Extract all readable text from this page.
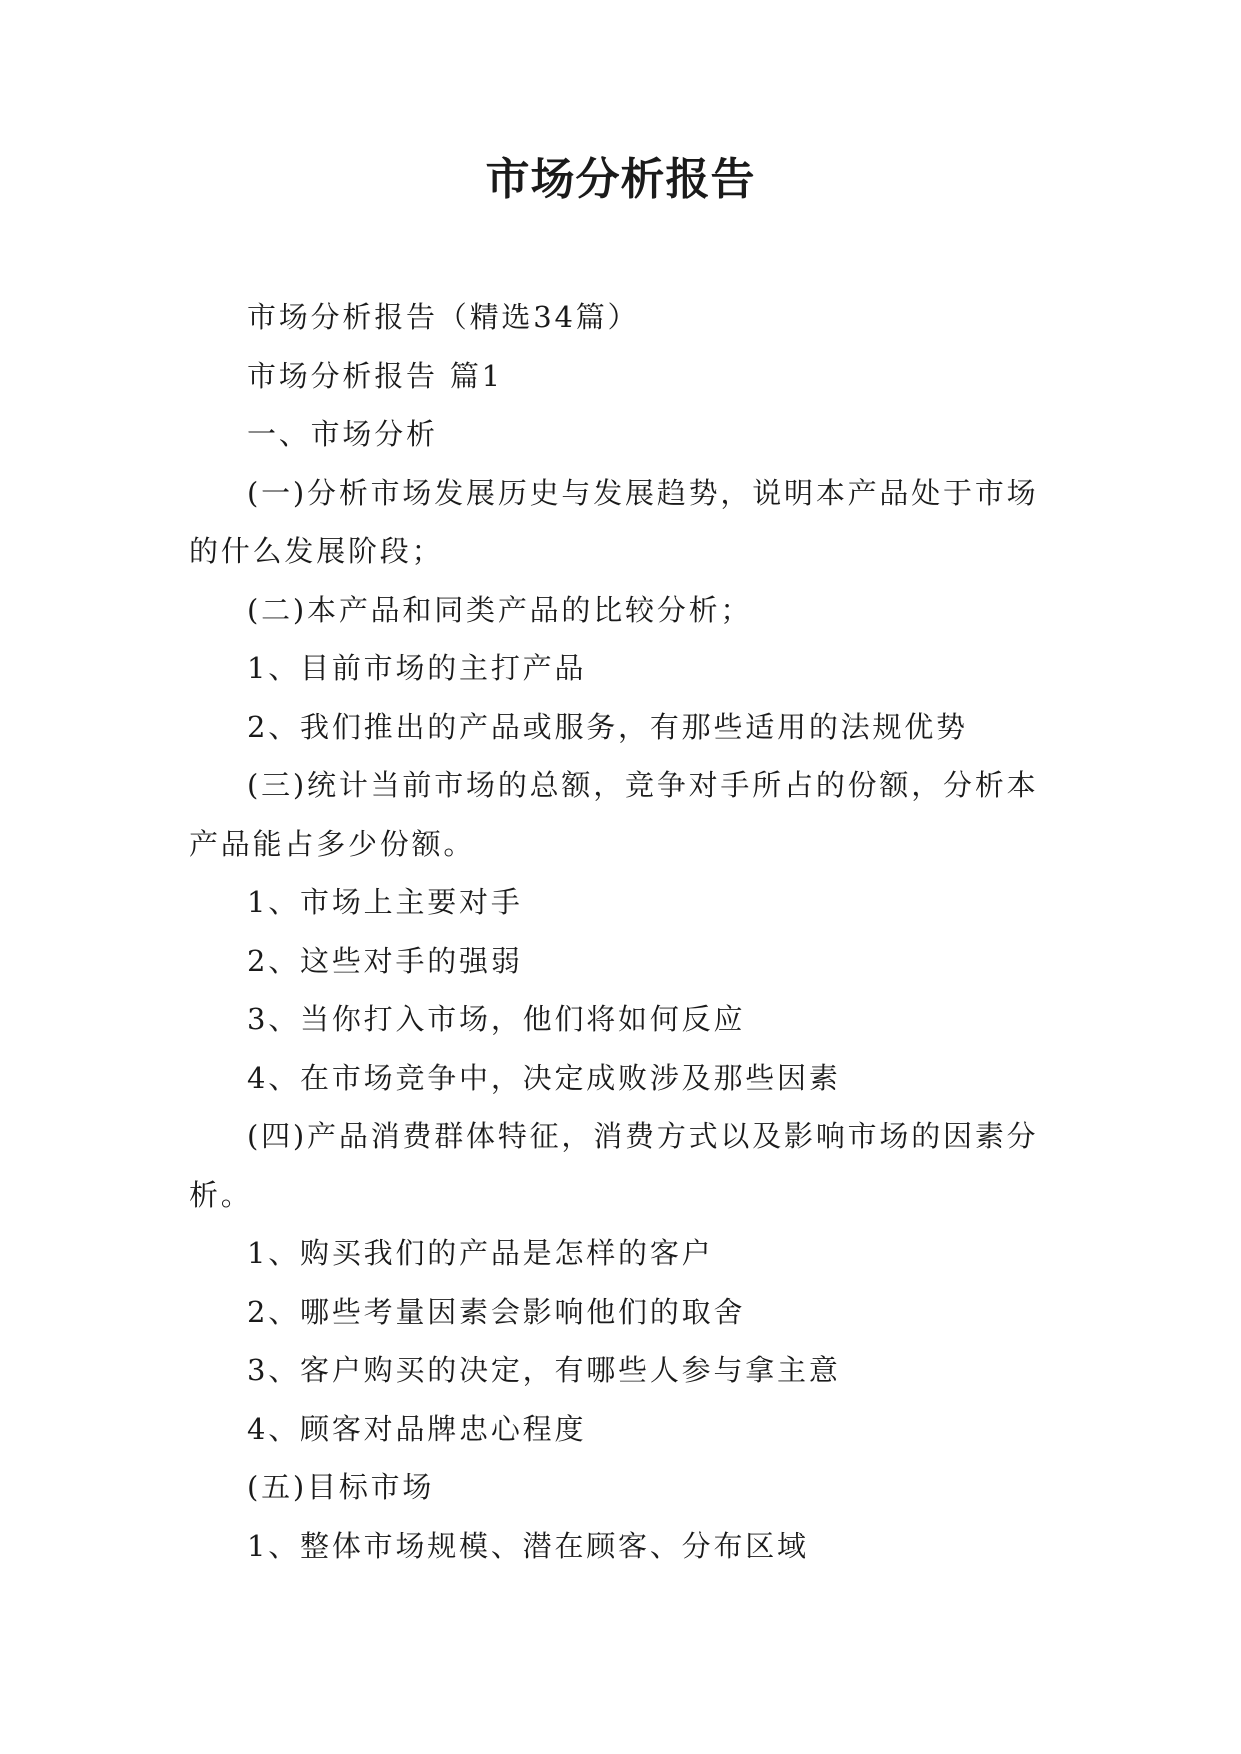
市场分析报告

市场分析报告（精选34篇）

市场分析报告 篇1

一、市场分析

(一)分析市场发展历史与发展趋势，说明本产品处于市场的什么发展阶段；

(二)本产品和同类产品的比较分析；

1、目前市场的主打产品

2、我们推出的产品或服务，有那些适用的法规优势

(三)统计当前市场的总额，竞争对手所占的份额，分析本产品能占多少份额。

1、市场上主要对手

2、这些对手的强弱

3、当你打入市场，他们将如何反应

4、在市场竞争中，决定成败涉及那些因素

(四)产品消费群体特征，消费方式以及影响市场的因素分析。

1、购买我们的产品是怎样的客户

2、哪些考量因素会影响他们的取舍

3、客户购买的决定，有哪些人参与拿主意

4、顾客对品牌忠心程度

(五)目标市场

1、整体市场规模、潜在顾客、分布区域
